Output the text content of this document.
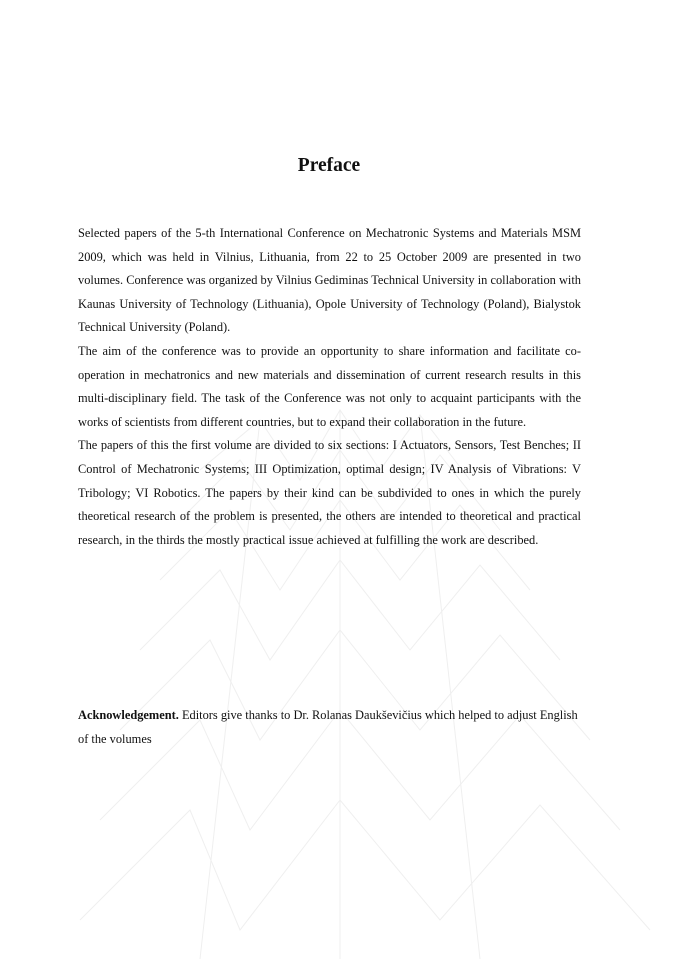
Preface

Selected papers of the 5-th International Conference on Mechatronic Systems and Materials MSM 2009, which was held in Vilnius, Lithuania, from 22 to 25 October 2009 are presented in two volumes. Conference was organized by Vilnius Gediminas Technical University in collaboration with Kaunas University of Technology (Lithuania), Opole University of Technology (Poland), Bialystok Technical University (Poland).

The aim of the conference was to provide an opportunity to share information and facilitate co-operation in mechatronics and new materials and dissemination of current research results in this multi-disciplinary field. The task of the Conference was not only to acquaint participants with the works of scientists from different countries, but to expand their collaboration in the future.

The papers of this the first volume are divided to six sections: I Actuators, Sensors, Test Benches; II Control of Mechatronic Systems; III Optimization, optimal design; IV Analysis of Vibrations: V Tribology; VI Robotics. The papers by their kind can be subdivided to ones in which the purely theoretical research of the problem is presented, the others are intended to theoretical and practical research, in the thirds the mostly practical issue achieved at fulfilling the work are described.

Acknowledgement. Editors give thanks to Dr. Rolanas Daukševičius which helped to adjust English of the volumes
